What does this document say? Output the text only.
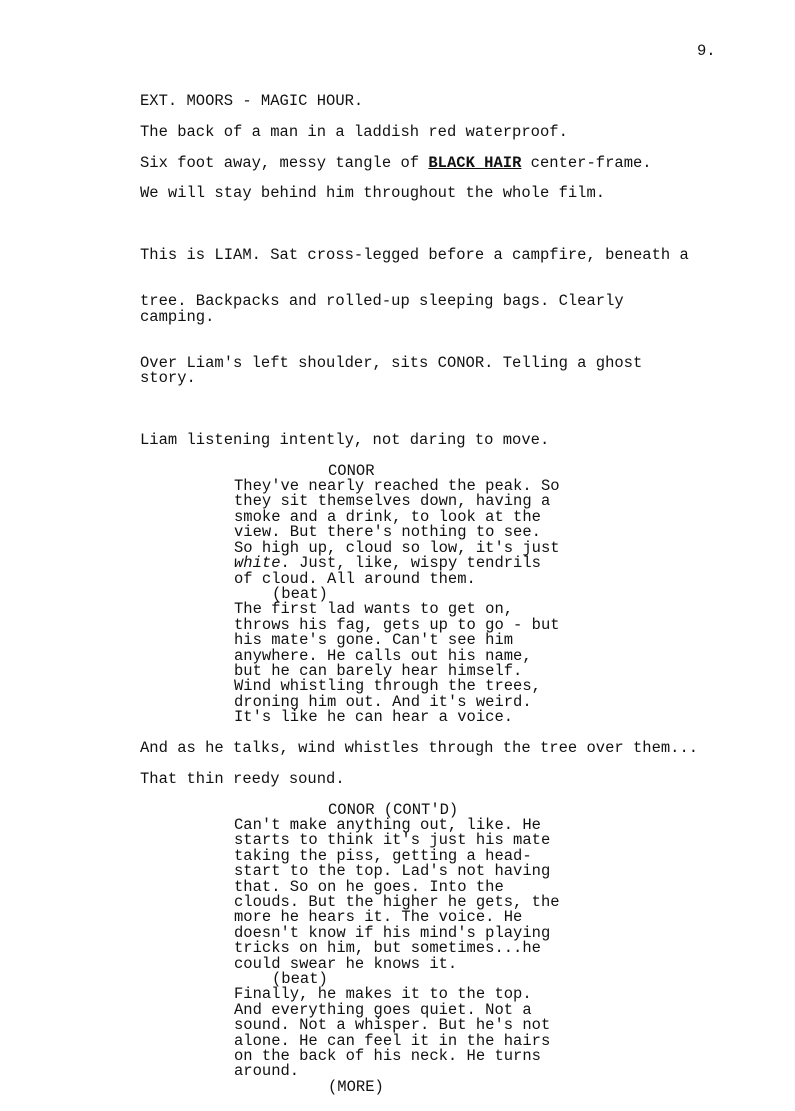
9.
EXT. MOORS - MAGIC HOUR.
The back of a man in a laddish red waterproof.
Six foot away, messy tangle of BLACK HAIR center-frame.
We will stay behind him throughout the whole film.

This is LIAM. Sat cross-legged before a campfire, beneath a

tree. Backpacks and rolled-up sleeping bags. Clearly camping.

Over Liam's left shoulder, sits CONOR. Telling a ghost story.

Liam listening intently, not daring to move.
CONOR
They've nearly reached the peak. So
they sit themselves down, having a
smoke and a drink, to look at the
view. But there's nothing to see.
So high up, cloud so low, it's just
white. Just, like, wispy tendrils
of cloud. All around them.
(beat)
The first lad wants to get on,
throws his fag, gets up to go - but
his mate's gone. Can't see him
anywhere. He calls out his name,
but he can barely hear himself.
Wind whistling through the trees,
droning him out. And it's weird.
It's like he can hear a voice.
And as he talks, wind whistles through the tree over them...
That thin reedy sound.
CONOR (CONT'D)
Can't make anything out, like. He
starts to think it's just his mate
taking the piss, getting a head-
start to the top. Lad's not having
that. So on he goes. Into the
clouds. But the higher he gets, the
more he hears it. The voice. He
doesn't know if his mind's playing
tricks on him, but sometimes...he
could swear he knows it.
(beat)
Finally, he makes it to the top.
And everything goes quiet. Not a
sound. Not a whisper. But he's not
alone. He can feel it in the hairs
on the back of his neck. He turns
around.
(MORE)
